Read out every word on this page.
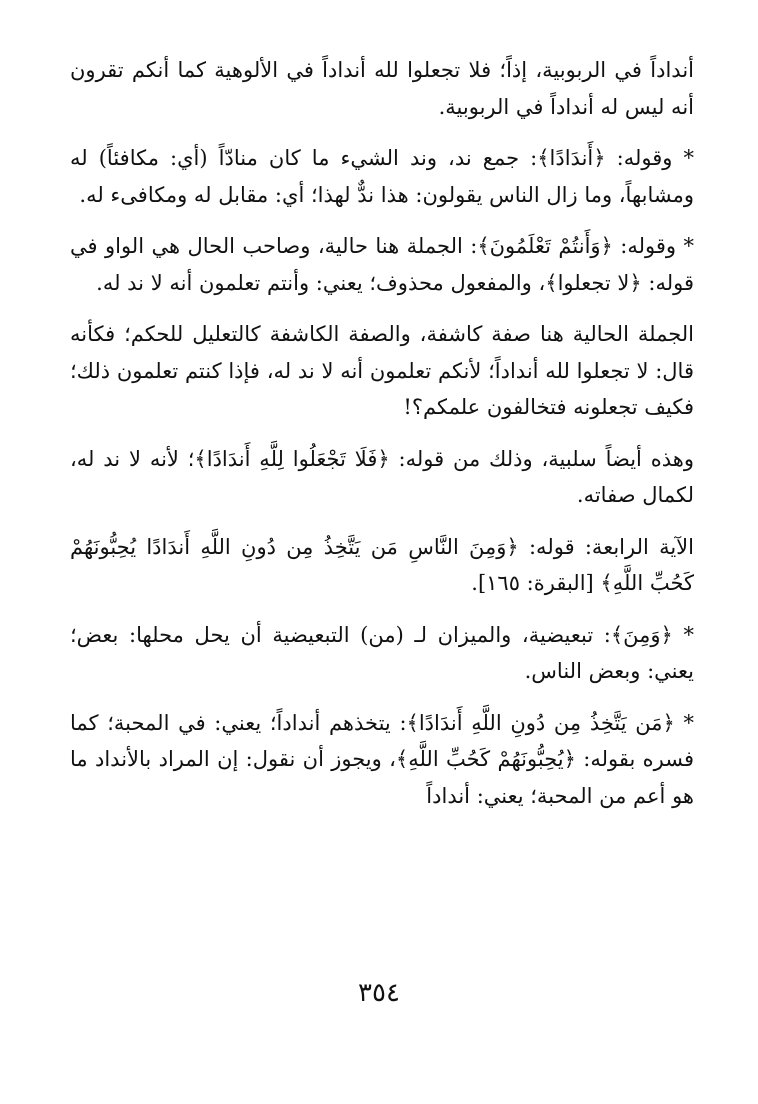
أنداداً في الربوبية، إذاً؛ فلا تجعلوا لله أنداداً في الألوهية كما أنكم تقرون أنه ليس له أنداداً في الربوبية.

* وقوله: ﴿أَندَادًا﴾: جمع ند، وند الشيء ما كان منادّاً (أي: مكافئاً) له ومشابهاً، وما زال الناس يقولون: هذا ندٌّ لهذا؛ أي: مقابل له ومكافىء له.

* وقوله: ﴿وَأَنتُمْ تَعْلَمُونَ﴾: الجملة هنا حالية، وصاحب الحال هي الواو في قوله: ﴿لا تجعلوا﴾، والمفعول محذوف؛ يعني: وأنتم تعلمون أنه لا ند له.

الجملة الحالية هنا صفة كاشفة، والصفة الكاشفة كالتعليل للحكم؛ فكأنه قال: لا تجعلوا لله أنداداً؛ لأنكم تعلمون أنه لا ند له، فإذا كنتم تعلمون ذلك؛ فكيف تجعلونه فتخالفون علمكم؟!

وهذه أيضاً سلبية، وذلك من قوله: ﴿فَلَا تَجْعَلُوا لِلَّهِ أَندَادًا﴾؛ لأنه لا ند له، لكمال صفاته.

الآية الرابعة: قوله: ﴿وَمِنَ النَّاسِ مَن يَتَّخِذُ مِن دُونِ اللَّهِ أَندَادًا يُحِبُّونَهُمْ كَحُبِّ اللَّهِ﴾ [البقرة: ١٦٥].

* ﴿وَمِنَ﴾: تبعيضية، والميزان لـ (من) التبعيضية أن يحل محلها: بعض؛ يعني: وبعض الناس.

* ﴿مَن يَتَّخِذُ مِن دُونِ اللَّهِ أَندَادًا﴾: يتخذهم أنداداً؛ يعني: في المحبة؛ كما فسره بقوله: ﴿يُحِبُّونَهُمْ كَحُبِّ اللَّهِ﴾، ويجوز أن نقول: إن المراد بالأنداد ما هو أعم من المحبة؛ يعني: أنداداً

٣٥٤
